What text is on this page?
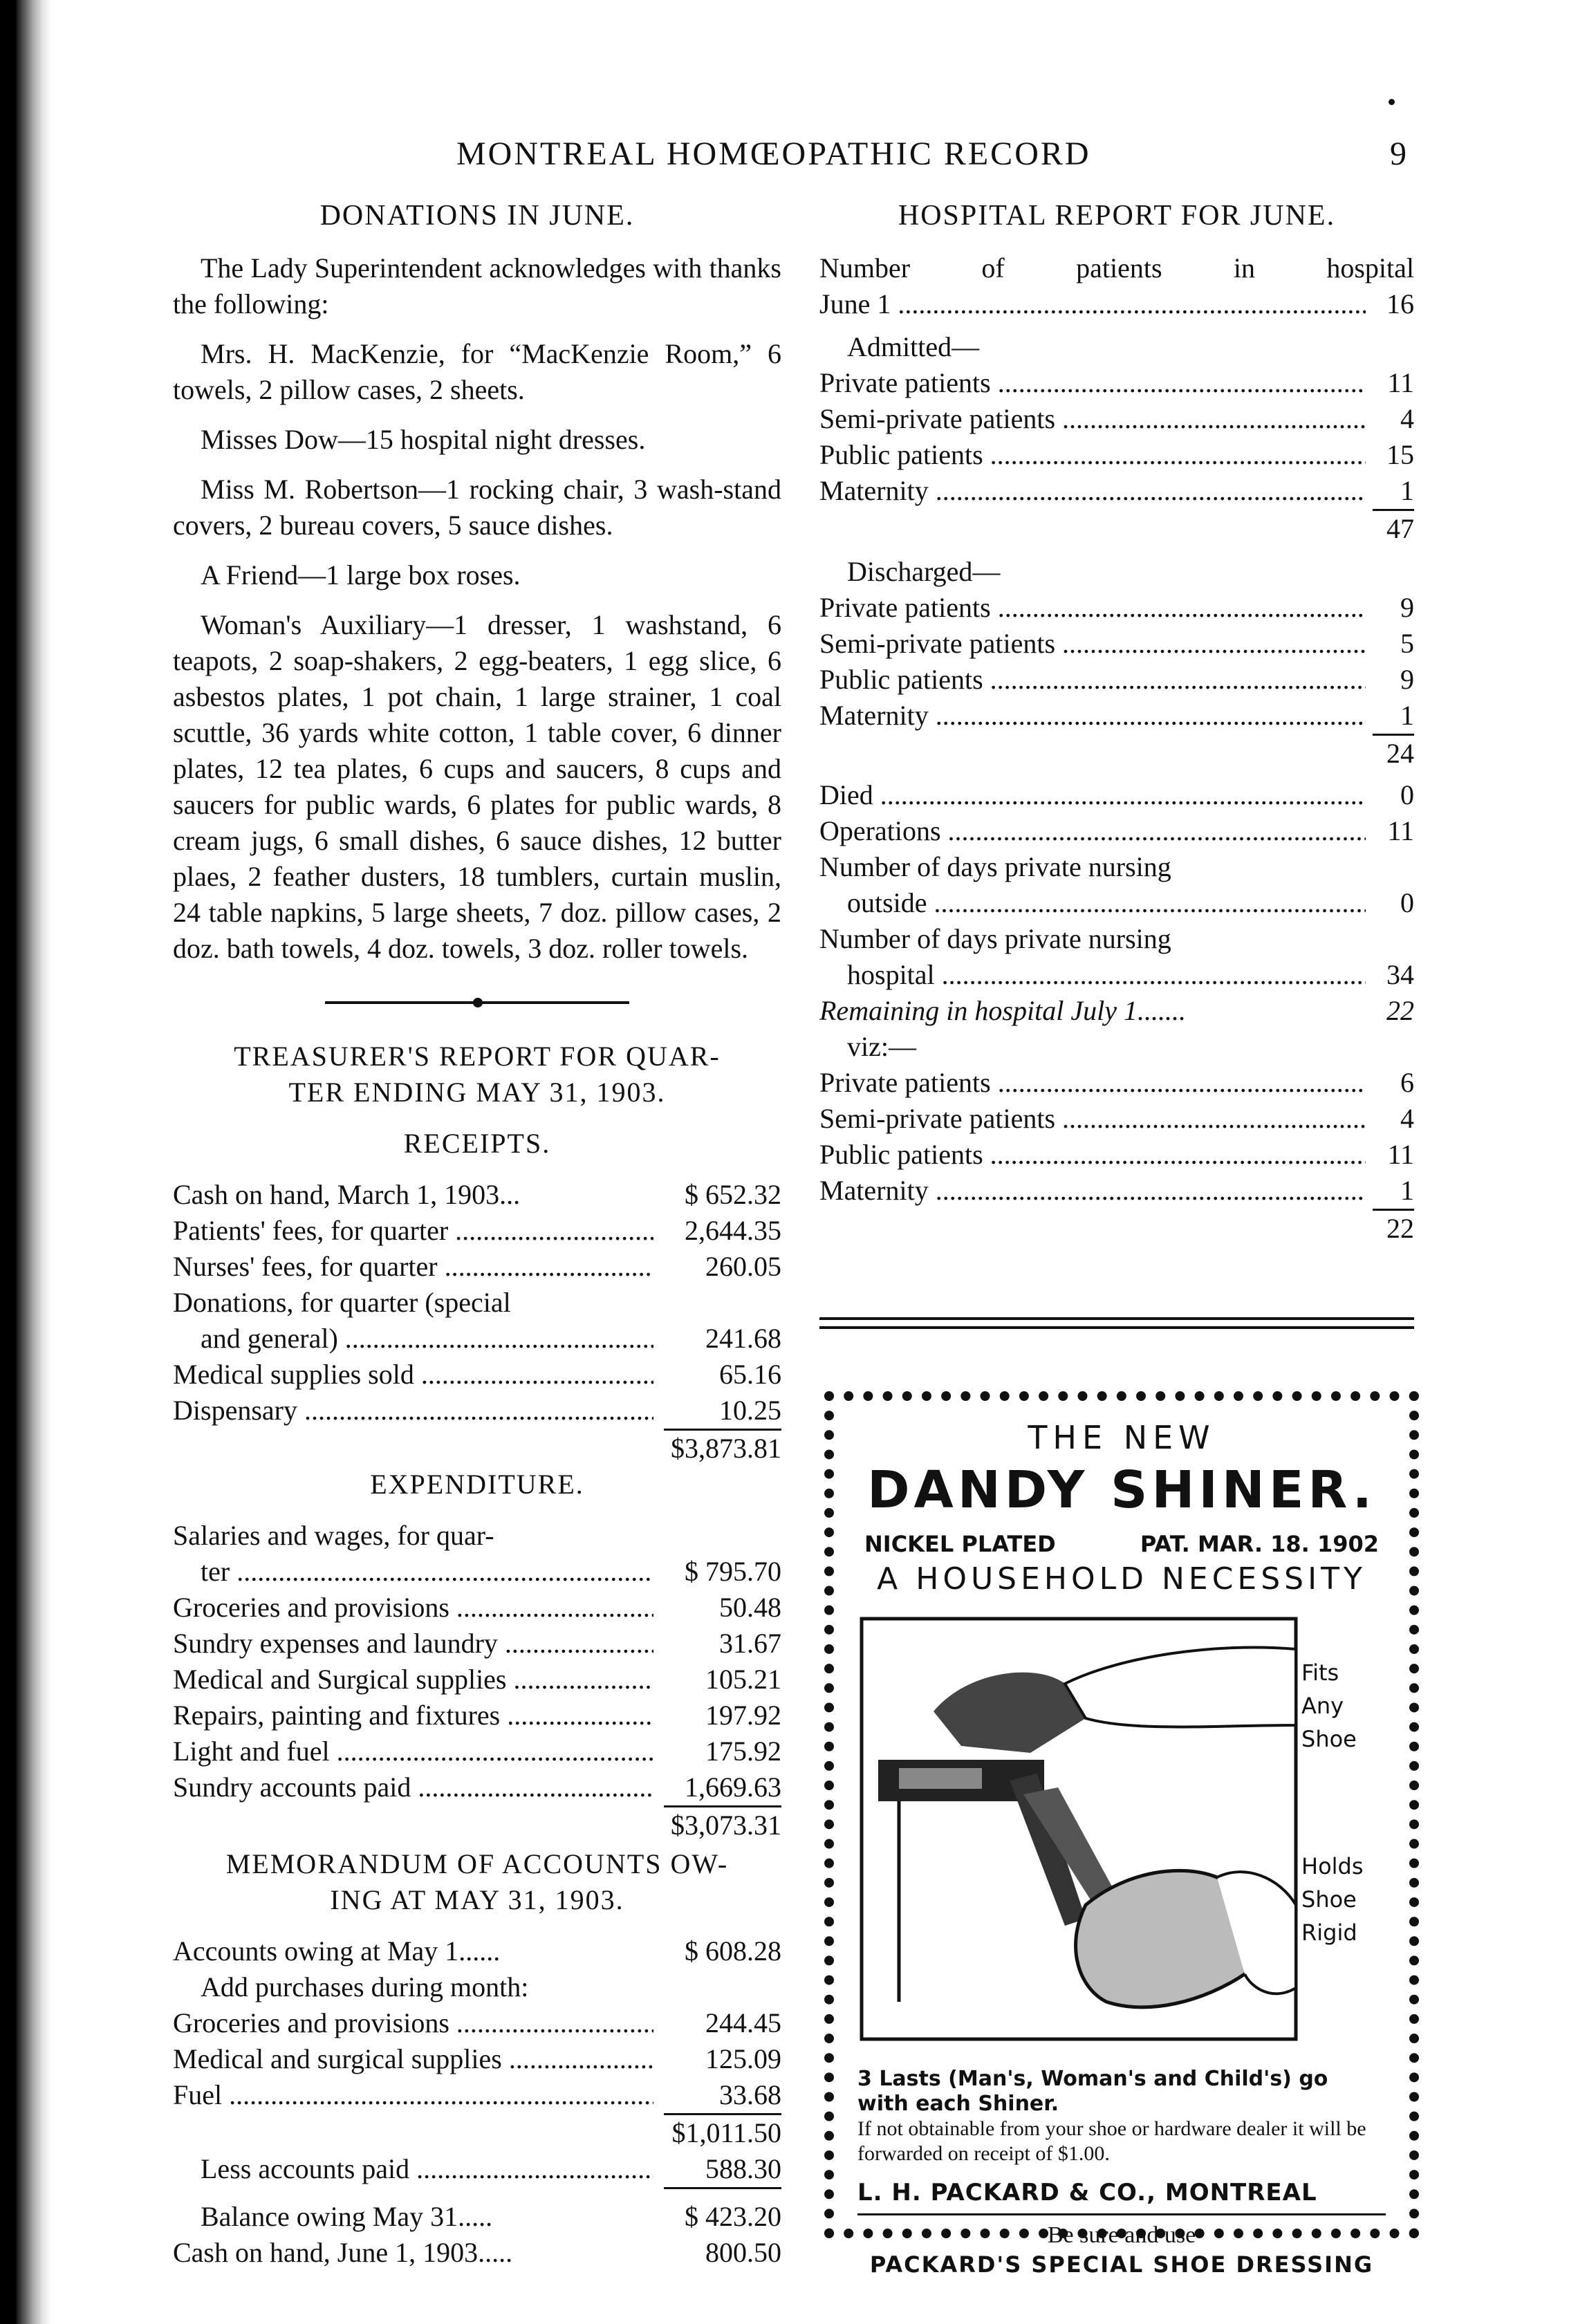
MONTREAL HOMŒOPATHIC RECORD	9
DONATIONS IN JUNE.
The Lady Superintendent acknowledges with thanks the following:
Mrs. H. MacKenzie, for “MacKenzie Room,” 6 towels, 2 pillow cases, 2 sheets.
Misses Dow—15 hospital night dresses.
Miss M. Robertson—1 rocking chair, 3 wash-stand covers, 2 bureau covers, 5 sauce dishes.
A Friend—1 large box roses.
Woman's Auxiliary—1 dresser, 1 washstand, 6 teapots, 2 soap-shakers, 2 egg-beaters, 1 egg slice, 6 asbestos plates, 1 pot chain, 1 large strainer, 1 coal scuttle, 36 yards white cotton, 1 table cover, 6 dinner plates, 12 tea plates, 6 cups and saucers, 8 cups and saucers for public wards, 6 plates for public wards, 8 cream jugs, 6 small dishes, 6 sauce dishes, 12 butter plaes, 2 feather dusters, 18 tumblers, curtain muslin, 24 table napkins, 5 large sheets, 7 doz. pillow cases, 2 doz. bath towels, 4 doz. towels, 3 doz. roller towels.
TREASURER'S REPORT FOR QUAR-
TER ENDING MAY 31, 1903.
RECEIPTS.
Cash on hand, March 1, 1903...	$ 652.32
Patients' fees, for quarter .....	2,644.35
Nurses' fees, for quarter .....	260.05
Donations, for quarter (special
and general) .....	241.68
Medical supplies sold .....	65.16
Dispensary .....	10.25
$3,873.81
EXPENDITURE.
Salaries and wages, for quar-
ter .....	$ 795.70
Groceries and provisions .....	50.48
Sundry expenses and laundry .....	31.67
Medical and Surgical supplies .....	105.21
Repairs, painting and fixtures .....	197.92
Light and fuel .....	175.92
Sundry accounts paid .....	1,669.63
$3,073.31
MEMORANDUM OF ACCOUNTS OW-
ING AT MAY 31, 1903.
Accounts owing at May 1......	$ 608.28
Add purchases during month:
Groceries and provisions .....	244.45
Medical and surgical supplies .....	125.09
Fuel .....	33.68
$1,011.50
Less accounts paid .....	588.30
Balance owing May 31.....	$ 423.20
Cash on hand, June 1, 1903.....	800.50
HOSPITAL REPORT FOR JUNE.
Number of patients in hospital
June 1 .....	16
Admitted—
Private patients .....	11
Semi-private patients .....	4
Public patients .....	15
Maternity .....	1
47
Discharged—
Private patients .....	9
Semi-private patients .....	5
Public patients .....	9
Maternity .....	1
24
Died .....	0
Operations .....	11
Number of days private nursing
outside .....	0
Number of days private nursing
hospital .....	34
Remaining in hospital July 1.......	22
viz:—
Private patients .....	6
Semi-private patients .....	4
Public patients .....	11
Maternity .....	1
22
THE NEW
DANDY SHINER.
NICKEL PLATED	PAT. MAR. 18. 1902
A HOUSEHOLD NECESSITY
Fits
Any
Shoe
Holds
Shoe
Rigid
3 Lasts (Man's, Woman's and Child's) go with each Shiner.
If not obtainable from your shoe or hardware dealer it will be forwarded on receipt of $1.00.
L. H. PACKARD & CO., MONTREAL
Be sure and use
PACKARD'S SPECIAL SHOE DRESSING
